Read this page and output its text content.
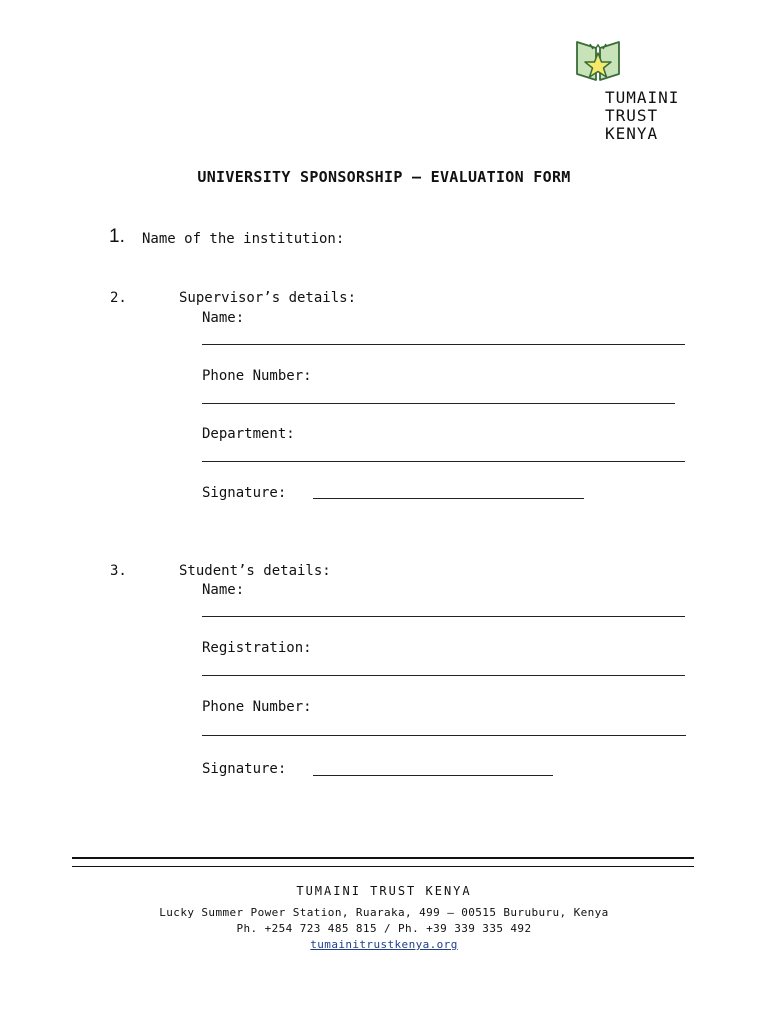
TUMAINI
TRUST
KENYA
UNIVERSITY SPONSORSHIP — EVALUATION FORM
1. Name of the institution:
2.	Supervisor’s details:
Name:
Phone Number:
Department:
Signature:
3.	Student’s details:
Name:
Registration:
Phone Number:
Signature:
TUMAINI TRUST KENYA
Lucky Summer Power Station, Ruaraka, 499 — 00515 Buruburu, Kenya
Ph. +254 723 485 815 / Ph. +39 339 335 492
tumainitrustkenya.org
